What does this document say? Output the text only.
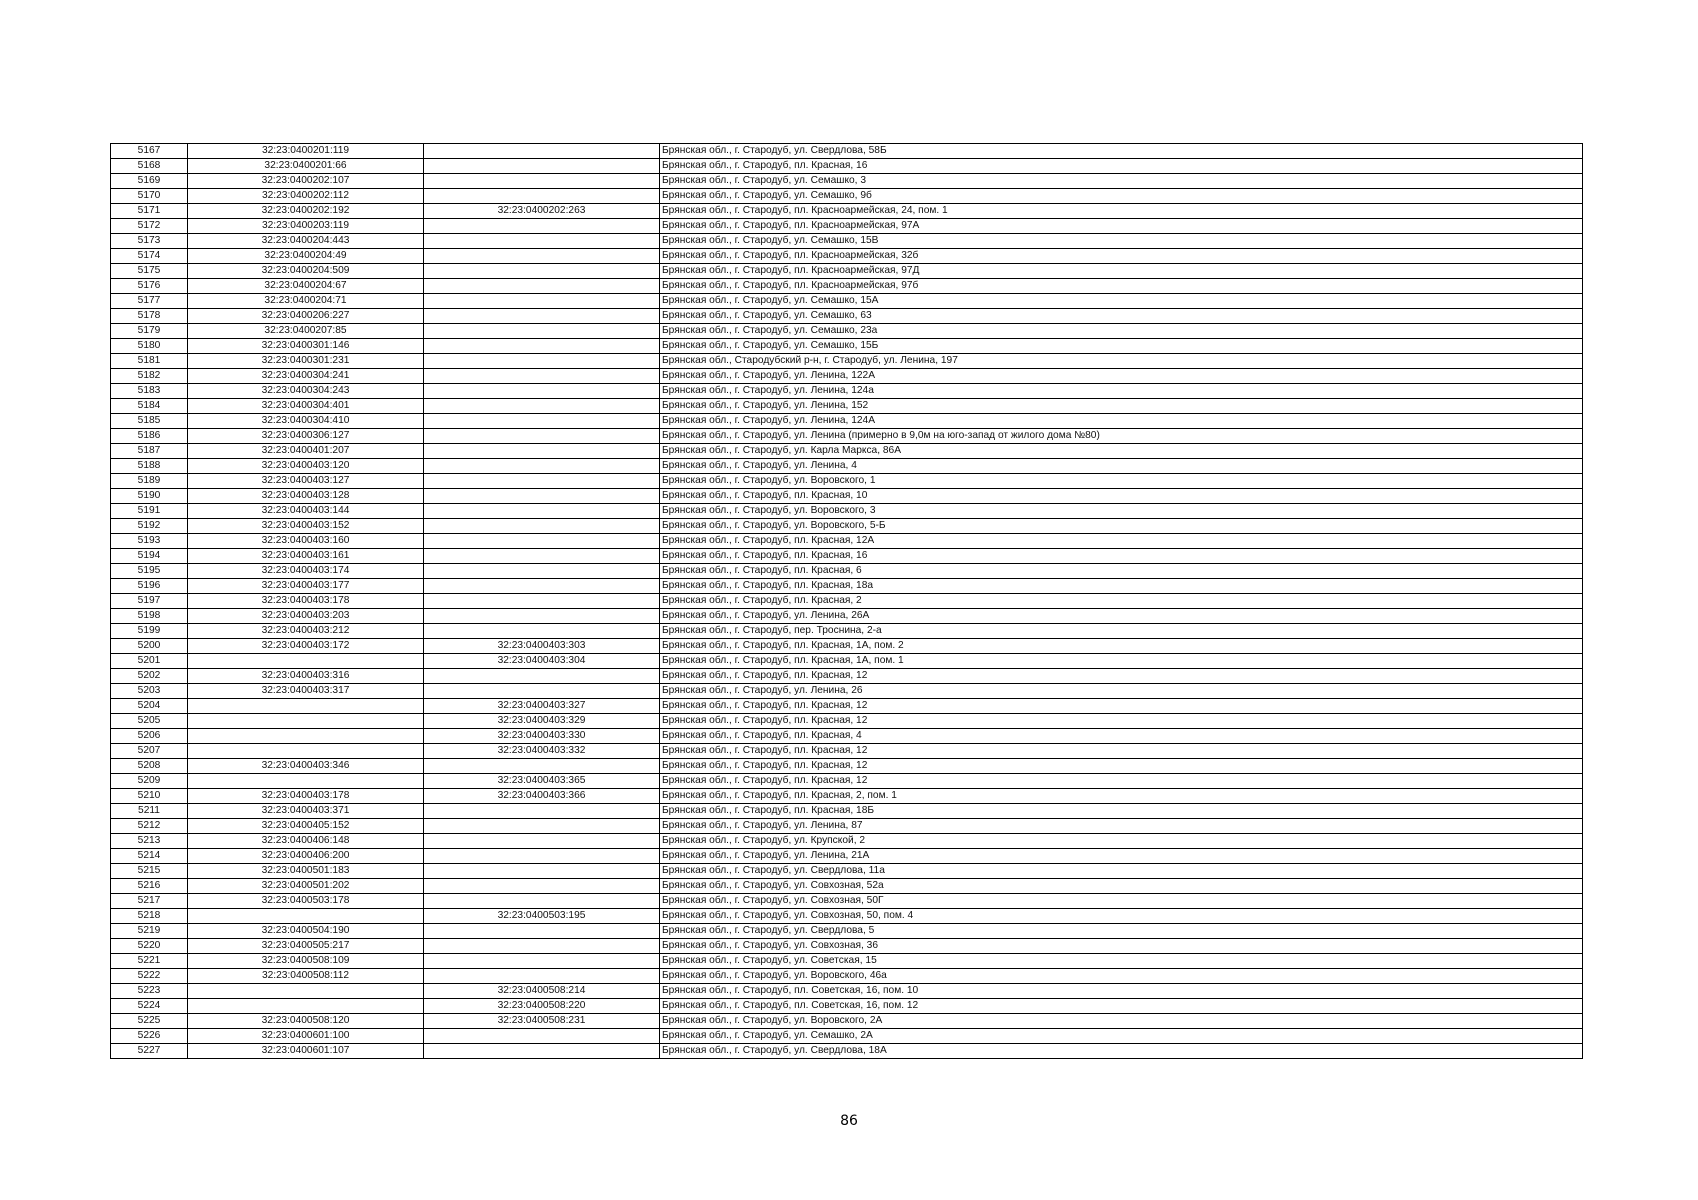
5167	32:23:0400201:119		Брянская обл., г. Стародуб, ул. Свердлова, 58Б
5168	32:23:0400201:66		Брянская обл., г. Стародуб, пл. Красная, 16
5169	32:23:0400202:107		Брянская обл., г. Стародуб, ул. Семашко, 3
5170	32:23:0400202:112		Брянская обл., г. Стародуб, ул. Семашко, 9б
5171	32:23:0400202:192	32:23:0400202:263	Брянская обл., г. Стародуб, пл. Красноармейская, 24, пом. 1
5172	32:23:0400203:119		Брянская обл., г. Стародуб, пл. Красноармейская, 97А
5173	32:23:0400204:443		Брянская обл., г. Стародуб, ул. Семашко, 15В
5174	32:23:0400204:49		Брянская обл., г. Стародуб, пл. Красноармейская, 32б
5175	32:23:0400204:509		Брянская обл., г. Стародуб, пл. Красноармейская, 97Д
5176	32:23:0400204:67		Брянская обл., г. Стародуб, пл. Красноармейская, 97б
5177	32:23:0400204:71		Брянская обл., г. Стародуб, ул. Семашко, 15А
5178	32:23:0400206:227		Брянская обл., г. Стародуб, ул. Семашко, 63
5179	32:23:0400207:85		Брянская обл., г. Стародуб, ул. Семашко, 23а
5180	32:23:0400301:146		Брянская обл., г. Стародуб, ул. Семашко, 15Б
5181	32:23:0400301:231		Брянская обл., Стародубский р-н, г. Стародуб, ул. Ленина, 197
5182	32:23:0400304:241		Брянская обл., г. Стародуб, ул. Ленина, 122А
5183	32:23:0400304:243		Брянская обл., г. Стародуб, ул. Ленина, 124а
5184	32:23:0400304:401		Брянская обл., г. Стародуб, ул. Ленина, 152
5185	32:23:0400304:410		Брянская обл., г. Стародуб, ул. Ленина, 124А
5186	32:23:0400306:127		Брянская обл., г. Стародуб, ул. Ленина (примерно в 9,0м на юго-запад от жилого дома №80)
5187	32:23:0400401:207		Брянская обл., г. Стародуб, ул. Карла Маркса, 86А
5188	32:23:0400403:120		Брянская обл., г. Стародуб, ул. Ленина, 4
5189	32:23:0400403:127		Брянская обл., г. Стародуб, ул. Воровского, 1
5190	32:23:0400403:128		Брянская обл., г. Стародуб, пл. Красная, 10
5191	32:23:0400403:144		Брянская обл., г. Стародуб, ул. Воровского, 3
5192	32:23:0400403:152		Брянская обл., г. Стародуб, ул. Воровского, 5-Б
5193	32:23:0400403:160		Брянская обл., г. Стародуб, пл. Красная, 12А
5194	32:23:0400403:161		Брянская обл., г. Стародуб, пл. Красная, 16
5195	32:23:0400403:174		Брянская обл., г. Стародуб, пл. Красная, 6
5196	32:23:0400403:177		Брянская обл., г. Стародуб, пл. Красная, 18а
5197	32:23:0400403:178		Брянская обл., г. Стародуб, пл. Красная, 2
5198	32:23:0400403:203		Брянская обл., г. Стародуб, ул. Ленина, 26А
5199	32:23:0400403:212		Брянская обл., г. Стародуб, пер. Троснина, 2-а
5200	32:23:0400403:172	32:23:0400403:303	Брянская обл., г. Стародуб, пл. Красная, 1А, пом. 2
5201		32:23:0400403:304	Брянская обл., г. Стародуб, пл. Красная, 1А, пом. 1
5202	32:23:0400403:316		Брянская обл., г. Стародуб, пл. Красная, 12
5203	32:23:0400403:317		Брянская обл., г. Стародуб, ул. Ленина, 26
5204		32:23:0400403:327	Брянская обл., г. Стародуб, пл. Красная, 12
5205		32:23:0400403:329	Брянская обл., г. Стародуб, пл. Красная, 12
5206		32:23:0400403:330	Брянская обл., г. Стародуб, пл. Красная, 4
5207		32:23:0400403:332	Брянская обл., г. Стародуб, пл. Красная, 12
5208	32:23:0400403:346		Брянская обл., г. Стародуб, пл. Красная, 12
5209		32:23:0400403:365	Брянская обл., г. Стародуб, пл. Красная, 12
5210	32:23:0400403:178	32:23:0400403:366	Брянская обл., г. Стародуб, пл. Красная, 2, пом. 1
5211	32:23:0400403:371		Брянская обл., г. Стародуб, пл. Красная, 18Б
5212	32:23:0400405:152		Брянская обл., г. Стародуб, ул. Ленина, 87
5213	32:23:0400406:148		Брянская обл., г. Стародуб, ул. Крупской, 2
5214	32:23:0400406:200		Брянская обл., г. Стародуб, ул. Ленина, 21А
5215	32:23:0400501:183		Брянская обл., г. Стародуб, ул. Свердлова, 11а
5216	32:23:0400501:202		Брянская обл., г. Стародуб, ул. Совхозная, 52а
5217	32:23:0400503:178		Брянская обл., г. Стародуб, ул. Совхозная, 50Г
5218		32:23:0400503:195	Брянская обл., г. Стародуб, ул. Совхозная, 50, пом. 4
5219	32:23:0400504:190		Брянская обл., г. Стародуб, ул. Свердлова, 5
5220	32:23:0400505:217		Брянская обл., г. Стародуб, ул. Совхозная, 36
5221	32:23:0400508:109		Брянская обл., г. Стародуб, ул. Советская, 15
5222	32:23:0400508:112		Брянская обл., г. Стародуб, ул. Воровского, 46а
5223		32:23:0400508:214	Брянская обл., г. Стародуб, пл. Советская, 16, пом. 10
5224		32:23:0400508:220	Брянская обл., г. Стародуб, пл. Советская, 16, пом. 12
5225	32:23:0400508:120	32:23:0400508:231	Брянская обл., г. Стародуб, ул. Воровского, 2А
5226	32:23:0400601:100		Брянская обл., г. Стародуб, ул. Семашко, 2А
5227	32:23:0400601:107		Брянская обл., г. Стародуб, ул. Свердлова, 18А
86
